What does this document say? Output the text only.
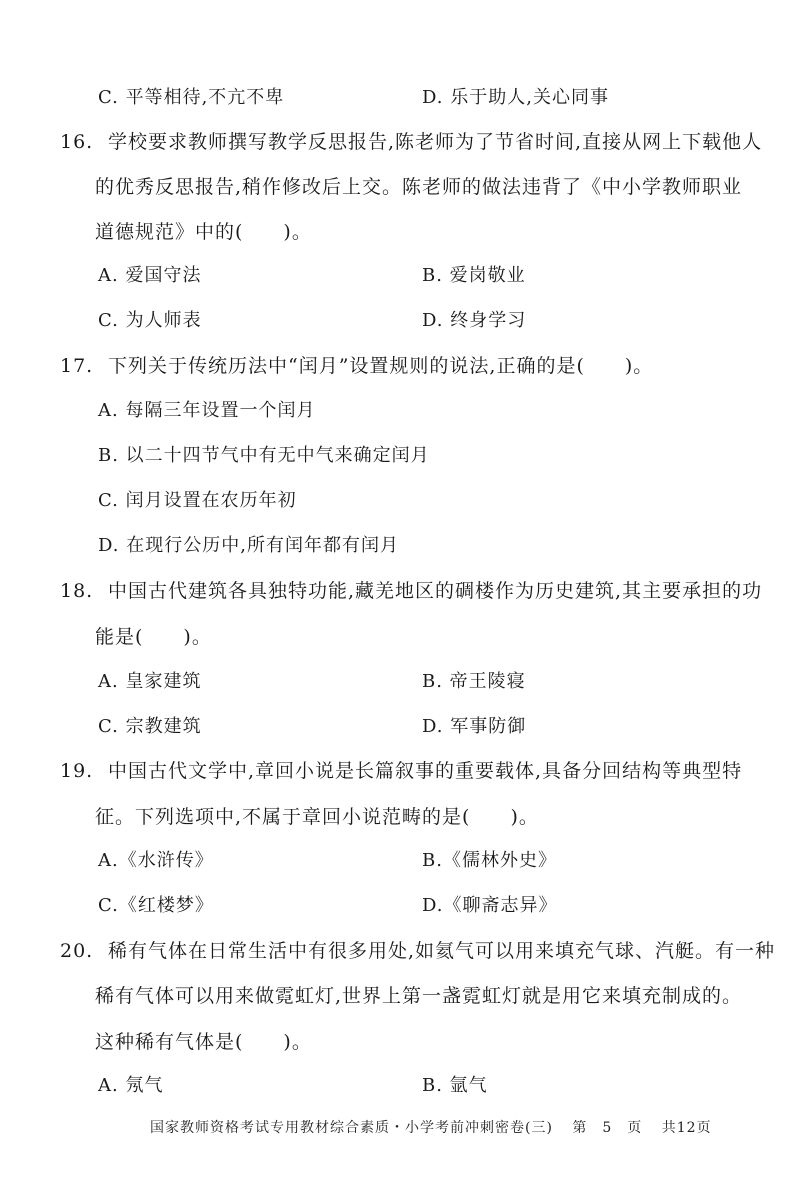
C. 平等相待,不亢不卑	D. 乐于助人,关心同事
16. 学校要求教师撰写教学反思报告,陈老师为了节省时间,直接从网上下载他人
的优秀反思报告,稍作修改后上交。陈老师的做法违背了《中小学教师职业
道德规范》中的(　　)。
A. 爱国守法	B. 爱岗敬业
C. 为人师表	D. 终身学习
17. 下列关于传统历法中“闰月”设置规则的说法,正确的是(　　)。
A. 每隔三年设置一个闰月
B. 以二十四节气中有无中气来确定闰月
C. 闰月设置在农历年初
D. 在现行公历中,所有闰年都有闰月
18. 中国古代建筑各具独特功能,藏羌地区的碉楼作为历史建筑,其主要承担的功
能是(　　)。
A. 皇家建筑	B. 帝王陵寝
C. 宗教建筑	D. 军事防御
19. 中国古代文学中,章回小说是长篇叙事的重要载体,具备分回结构等典型特
征。下列选项中,不属于章回小说范畴的是(　　)。
A.《水浒传》	B.《儒林外史》
C.《红楼梦》	D.《聊斋志异》
20. 稀有气体在日常生活中有很多用处,如氦气可以用来填充气球、汽艇。有一种
稀有气体可以用来做霓虹灯,世界上第一盏霓虹灯就是用它来填充制成的。
这种稀有气体是(　　)。
A. 氖气	B. 氩气
国家教师资格考试专用教材综合素质・小学考前冲刺密卷(三) 第　5　页 共12页
